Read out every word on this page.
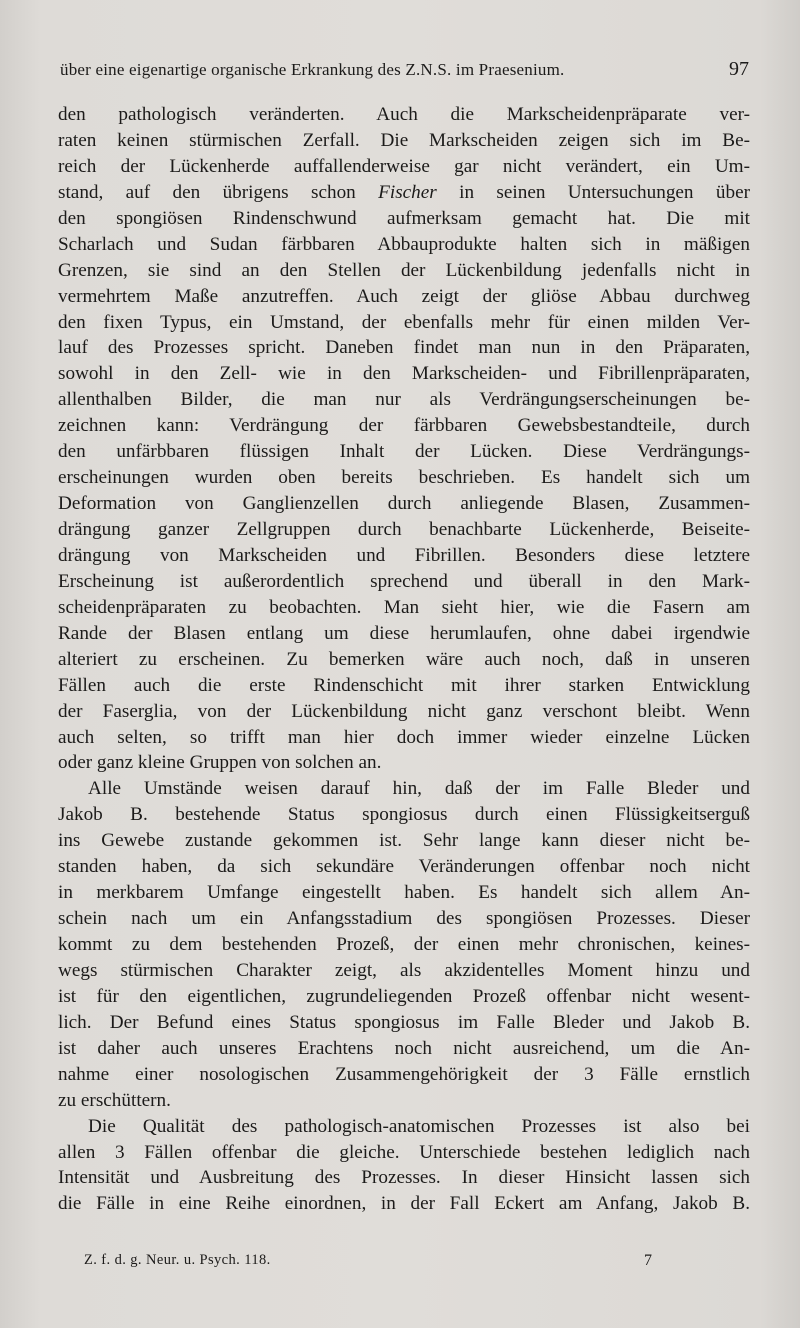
über eine eigenartige organische Erkrankung des Z.N.S. im Praesenium.	97
den pathologisch veränderten. Auch die Markscheidenpräparate ver-
raten keinen stürmischen Zerfall. Die Markscheiden zeigen sich im Be-
reich der Lückenherde auffallenderweise gar nicht verändert, ein Um-
stand, auf den übrigens schon Fischer in seinen Untersuchungen über
den spongiösen Rindenschwund aufmerksam gemacht hat. Die mit
Scharlach und Sudan färbbaren Abbauprodukte halten sich in mäßigen
Grenzen, sie sind an den Stellen der Lückenbildung jedenfalls nicht in
vermehrtem Maße anzutreffen. Auch zeigt der gliöse Abbau durchweg
den fixen Typus, ein Umstand, der ebenfalls mehr für einen milden Ver-
lauf des Prozesses spricht. Daneben findet man nun in den Präparaten,
sowohl in den Zell- wie in den Markscheiden- und Fibrillenpräparaten,
allenthalben Bilder, die man nur als Verdrängungserscheinungen be-
zeichnen kann: Verdrängung der färbbaren Gewebsbestandteile, durch
den unfärbbaren flüssigen Inhalt der Lücken. Diese Verdrängungs-
erscheinungen wurden oben bereits beschrieben. Es handelt sich um
Deformation von Ganglienzellen durch anliegende Blasen, Zusammen-
drängung ganzer Zellgruppen durch benachbarte Lückenherde, Beiseite-
drängung von Markscheiden und Fibrillen. Besonders diese letztere
Erscheinung ist außerordentlich sprechend und überall in den Mark-
scheidenpräparaten zu beobachten. Man sieht hier, wie die Fasern am
Rande der Blasen entlang um diese herumlaufen, ohne dabei irgendwie
alteriert zu erscheinen. Zu bemerken wäre auch noch, daß in unseren
Fällen auch die erste Rindenschicht mit ihrer starken Entwicklung
der Faserglia, von der Lückenbildung nicht ganz verschont bleibt. Wenn
auch selten, so trifft man hier doch immer wieder einzelne Lücken
oder ganz kleine Gruppen von solchen an.
Alle Umstände weisen darauf hin, daß der im Falle Bleder und
Jakob B. bestehende Status spongiosus durch einen Flüssigkeitserguß
ins Gewebe zustande gekommen ist. Sehr lange kann dieser nicht be-
standen haben, da sich sekundäre Veränderungen offenbar noch nicht
in merkbarem Umfange eingestellt haben. Es handelt sich allem An-
schein nach um ein Anfangsstadium des spongiösen Prozesses. Dieser
kommt zu dem bestehenden Prozeß, der einen mehr chronischen, keines-
wegs stürmischen Charakter zeigt, als akzidentelles Moment hinzu und
ist für den eigentlichen, zugrundeliegenden Prozeß offenbar nicht wesent-
lich. Der Befund eines Status spongiosus im Falle Bleder und Jakob B.
ist daher auch unseres Erachtens noch nicht ausreichend, um die An-
nahme einer nosologischen Zusammengehörigkeit der 3 Fälle ernstlich
zu erschüttern.
Die Qualität des pathologisch-anatomischen Prozesses ist also bei
allen 3 Fällen offenbar die gleiche. Unterschiede bestehen lediglich nach
Intensität und Ausbreitung des Prozesses. In dieser Hinsicht lassen sich
die Fälle in eine Reihe einordnen, in der Fall Eckert am Anfang, Jakob B.
Z. f. d. g. Neur. u. Psych. 118.	7
